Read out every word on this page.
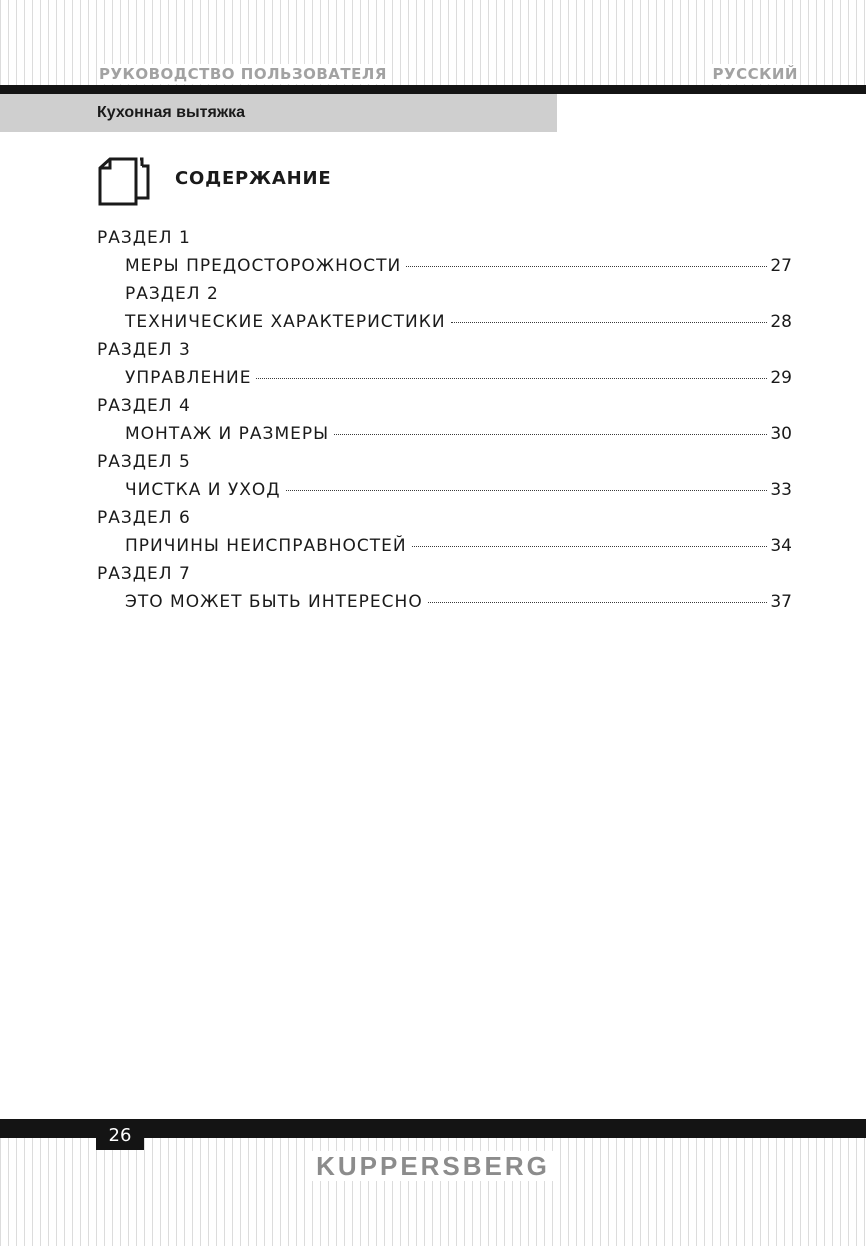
РУКОВОДСТВО ПОЛЬЗОВАТЕЛЯ	РУССКИЙ
Кухонная вытяжка
СОДЕРЖАНИЕ
РАЗДЕЛ 1
МЕРЫ ПРЕДОСТОРОЖНОСТИ	27
РАЗДЕЛ 2
ТЕХНИЧЕСКИЕ ХАРАКТЕРИСТИКИ	28
РАЗДЕЛ 3
УПРАВЛЕНИЕ	29
РАЗДЕЛ 4
МОНТАЖ И РАЗМЕРЫ	30
РАЗДЕЛ 5
ЧИСТКА И УХОД	33
РАЗДЕЛ 6
ПРИЧИНЫ НЕИСПРАВНОСТЕЙ	34
РАЗДЕЛ 7
ЭТО МОЖЕТ БЫТЬ ИНТЕРЕСНО	37
26
KUPPERSBERG
